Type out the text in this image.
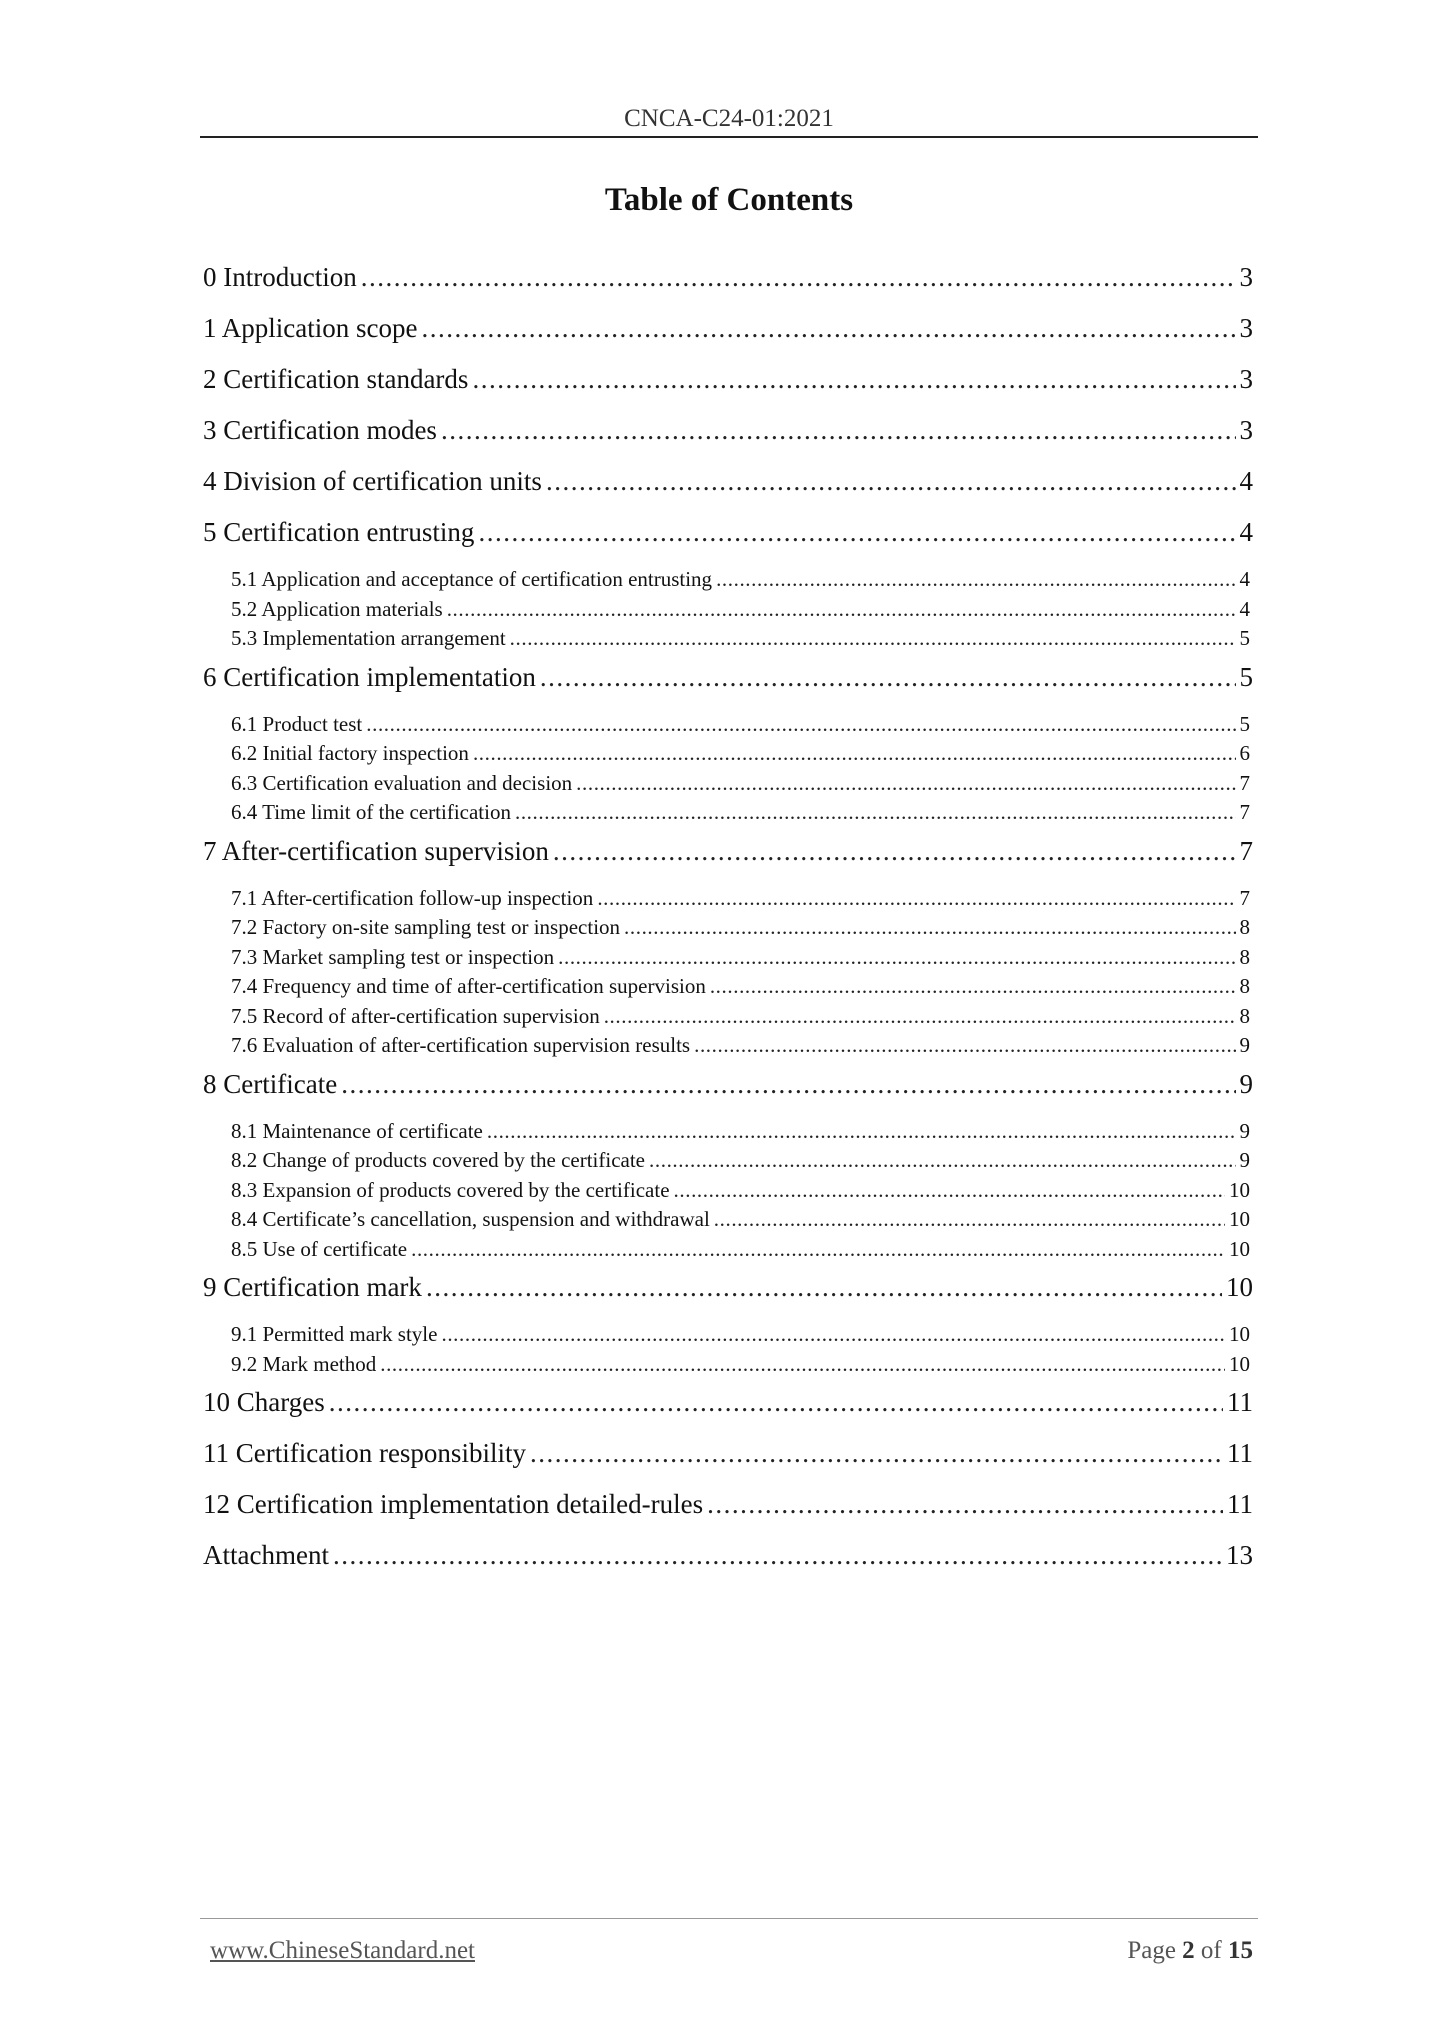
CNCA-C24-01:2021
Table of Contents
0 Introduction .....	3
1 Application scope .....	3
2 Certification standards .....	3
3 Certification modes .....	3
4 Division of certification units .....	4
5 Certification entrusting .....	4
5.1 Application and acceptance of certification entrusting .....	4
5.2 Application materials .....	4
5.3 Implementation arrangement .....	5
6 Certification implementation .....	5
6.1 Product test .....	5
6.2 Initial factory inspection .....	6
6.3 Certification evaluation and decision .....	7
6.4 Time limit of the certification .....	7
7 After-certification supervision .....	7
7.1 After-certification follow-up inspection .....	7
7.2 Factory on-site sampling test or inspection .....	8
7.3 Market sampling test or inspection .....	8
7.4 Frequency and time of after-certification supervision .....	8
7.5 Record of after-certification supervision .....	8
7.6 Evaluation of after-certification supervision results .....	9
8 Certificate .....	9
8.1 Maintenance of certificate .....	9
8.2 Change of products covered by the certificate .....	9
8.3 Expansion of products covered by the certificate .....	10
8.4 Certificate’s cancellation, suspension and withdrawal .....	10
8.5 Use of certificate .....	10
9 Certification mark .....	10
9.1 Permitted mark style .....	10
9.2 Mark method .....	10
10 Charges .....	11
11 Certification responsibility .....	11
12 Certification implementation detailed-rules .....	11
Attachment .....	13
www.ChineseStandard.net	Page 2 of 15
